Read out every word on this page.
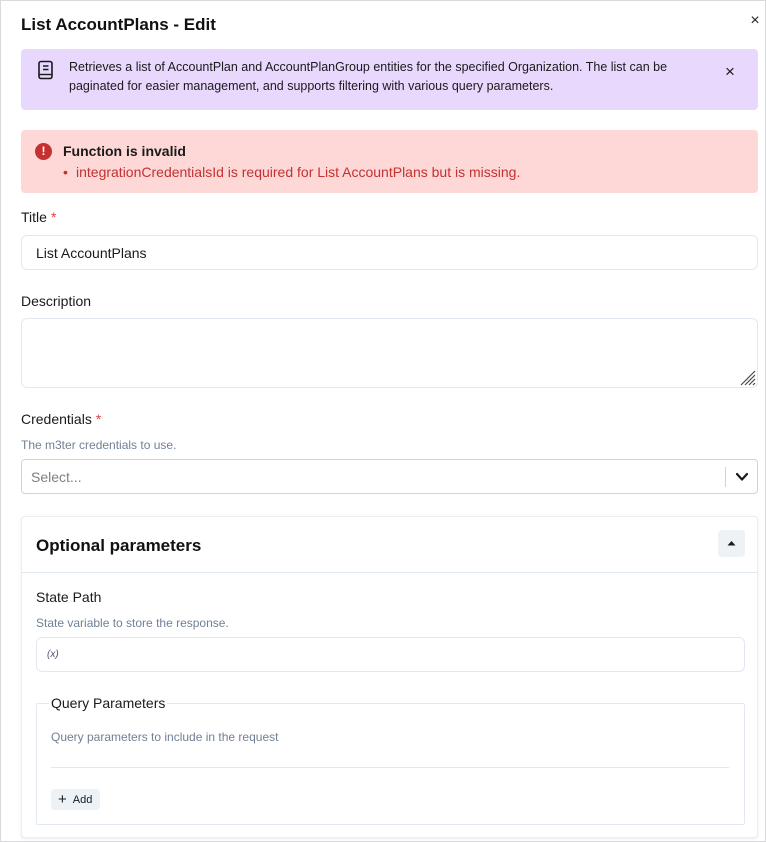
List AccountPlans - Edit	×
Retrieves a list of AccountPlan and AccountPlanGroup entities for the specified Organization. The list can be paginated for easier management, and supports filtering with various query parameters.
×
!	Function is invalid
• integrationCredentialsId is required for List AccountPlans but is missing.
Title *
List AccountPlans
Description
Credentials *
The m3ter credentials to use.
Select...
Optional parameters
State Path
State variable to store the response.
(x)
Query Parameters
Query parameters to include in the request
+ Add
